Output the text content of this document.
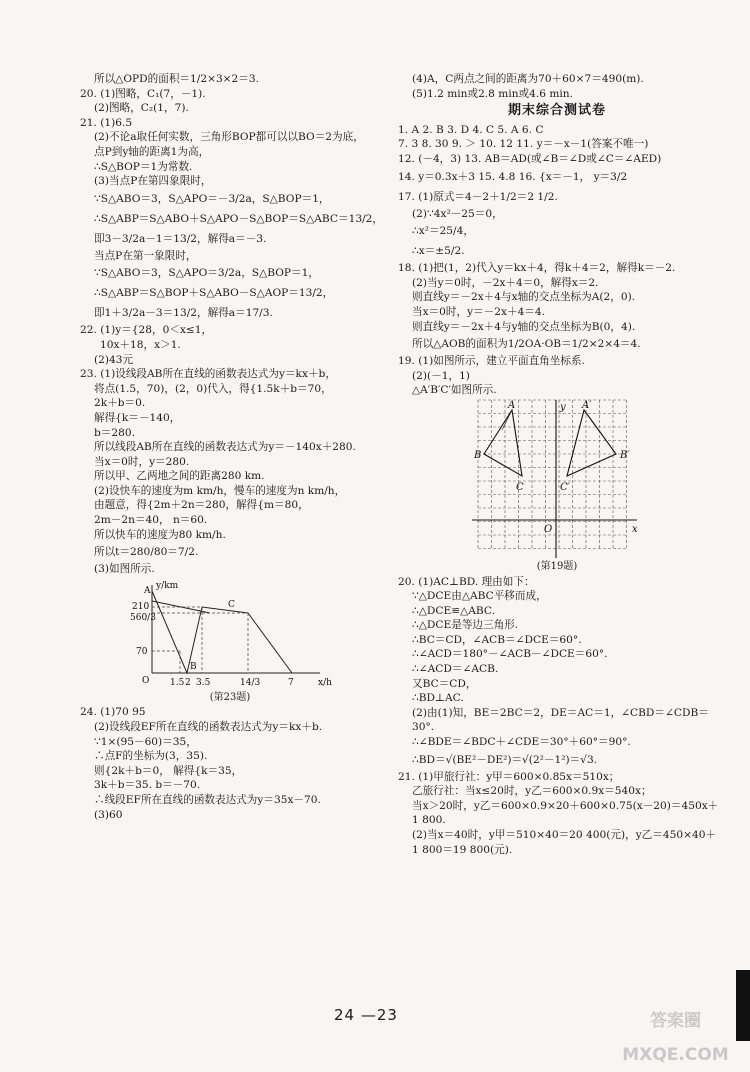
所以△OPD的面积＝1/2×3×2＝3.
20. (1)图略，C₁(7，－1).
(2)图略，C₂(1，7).
21. (1)6.5
(2)不论a取任何实数，三角形BOP都可以以BO＝2为底，
点P到y轴的距离1为高，
∴S△BOP＝1为常数.
(3)当点P在第四象限时，
∵S△ABO＝3，S△APO＝－3/2a，S△BOP＝1，
∴S△ABP＝S△ABO＋S△APO－S△BOP＝S△ABC＝13/2，
即3－3/2a－1＝13/2，解得a＝－3.
当点P在第一象限时，
∵S△ABO＝3，S△APO＝3/2a，S△BOP＝1，
∴S△ABP＝S△BOP＋S△ABO－S△AOP＝13/2，
即1＋3/2a－3＝13/2，解得a＝17/3.
22. (1)y＝{28，0＜x≤1，
10x＋18，x＞1.
(2)43元
23. (1)设线段AB所在直线的函数表达式为y＝kx＋b，
将点(1.5，70)，(2，0)代入，得{1.5k＋b＝70，
2k＋b＝0.
解得{k＝－140，
b＝280.
所以线段AB所在直线的函数表达式为y＝－140x＋280.
当x＝0时，y＝280.
所以甲、乙两地之间的距离280 km.
(2)设快车的速度为m km/h，慢车的速度为n km/h，
由题意，得{2m＋2n＝280，解得{m＝80，
2m－2n＝40， n＝60.
所以快车的速度为80 km/h.
所以t＝280/80＝7/2.
(3)如图所示.
y/km
x/h
O
210
560/3
70
1.5 2 3.5	14/3	7
A
B
C
(第23题)
24. (1)70 95
(2)设线段EF所在直线的函数表达式为y＝kx＋b.
∵1×(95－60)＝35，
∴点F的坐标为(3，35).
则{2k＋b＝0， 解得{k＝35，
3k＋b＝35. b＝－70.
∴线段EF所在直线的函数表达式为y＝35x－70.
(3)60
(4)A，C两点之间的距离为70＋60×7＝490(m).
(5)1.2 min或2.8 min或4.6 min.
期末综合测试卷
1. A 2. B 3. D 4. C 5. A 6. C
7. 3 8. 30 9. ＞ 10. 12 11. y＝－x－1(答案不唯一)
12. (－4，3) 13. AB＝AD(或∠B＝∠D或∠C＝∠AED)
14. y＝0.3x＋3 15. 4.8 16. {x＝－1， y＝3/2
17. (1)原式＝4－2＋1/2＝2 1/2.
(2)∵4x²－25＝0，
∴x²＝25/4，
∴x＝±5/2.
18. (1)把(1，2)代入y＝kx＋4，得k＋4＝2，解得k＝－2.
(2)当y＝0时，－2x＋4＝0，解得x＝2.
则直线y＝－2x＋4与x轴的交点坐标为A(2，0).
当x＝0时，y＝－2x＋4＝4.
则直线y＝－2x＋4与y轴的交点坐标为B(0，4).
所以△AOB的面积为1/2OA·OB＝1/2×2×4＝4.
19. (1)如图所示，建立平面直角坐标系.
(2)(－1，1)
△A′B′C′如图所示.
A	A′
B	B′
C	C′
O	x
y
(第19题)
20. (1)AC⊥BD. 理由如下：
∵△DCE由△ABC平移而成，
∴△DCE≌△ABC.
∴△DCE是等边三角形.
∴BC＝CD，∠ACB＝∠DCE＝60°.
∴∠ACD＝180°－∠ACB－∠DCE＝60°.
∴∠ACD＝∠ACB.
又BC＝CD，
∴BD⊥AC.
(2)由(1)知，BE＝2BC＝2，DE＝AC＝1，∠CBD＝∠CDB＝
30°.
∴∠BDE＝∠BDC＋∠CDE＝30°＋60°＝90°.
∴BD＝√(BE²－DE²)＝√(2²－1²)＝√3.
21. (1)甲旅行社：y甲＝600×0.85x＝510x；
乙旅行社：当x≤20时，y乙＝600×0.9x＝540x；
当x＞20时，y乙＝600×0.9×20＋600×0.75(x－20)＝450x＋
1 800.
(2)当x＝40时，y甲＝510×40＝20 400(元)，y乙＝450×40＋
1 800＝19 800(元).
24 —23	答案圈 MXQE.COM
